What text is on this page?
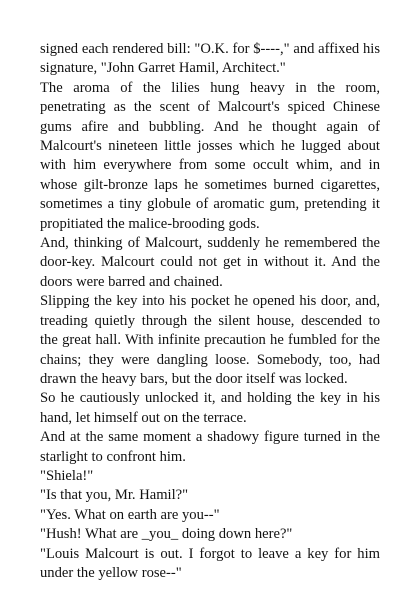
signed each rendered bill: "O.K. for $----," and affixed his signature, "John Garret Hamil, Architect."

The aroma of the lilies hung heavy in the room, penetrating as the scent of Malcourt's spiced Chinese gums afire and bubbling. And he thought again of Malcourt's nineteen little josses which he lugged about with him everywhere from some occult whim, and in whose gilt-bronze laps he sometimes burned cigarettes, sometimes a tiny globule of aromatic gum, pretending it propitiated the malice-brooding gods.

And, thinking of Malcourt, suddenly he remembered the door-key. Malcourt could not get in without it. And the doors were barred and chained.

Slipping the key into his pocket he opened his door, and, treading quietly through the silent house, descended to the great hall. With infinite precaution he fumbled for the chains; they were dangling loose. Somebody, too, had drawn the heavy bars, but the door itself was locked.

So he cautiously unlocked it, and holding the key in his hand, let himself out on the terrace.

And at the same moment a shadowy figure turned in the starlight to confront him.

"Shiela!"

"Is that you, Mr. Hamil?"

"Yes. What on earth are you--"

"Hush! What are _you_ doing down here?"

"Louis Malcourt is out. I forgot to leave a key for him under the yellow rose--"
